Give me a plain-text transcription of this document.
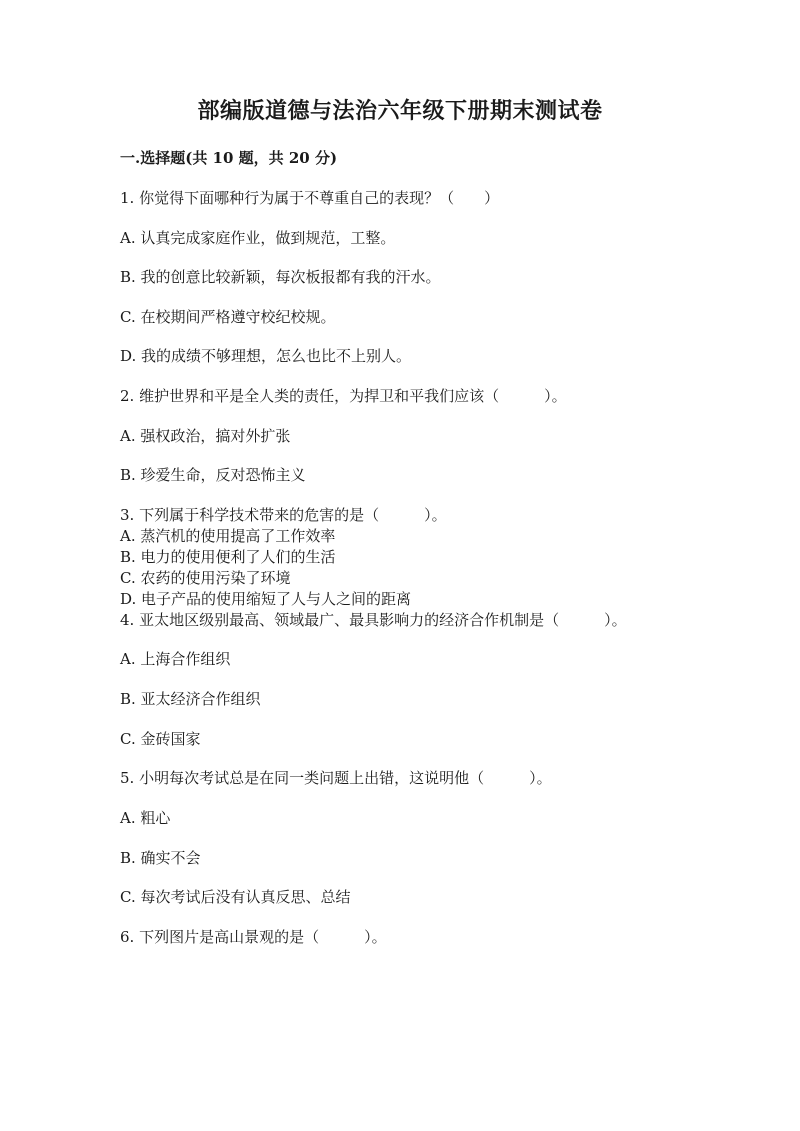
部编版道德与法治六年级下册期末测试卷
一.选择题(共 10 题，共 20 分)
1. 你觉得下面哪种行为属于不尊重自己的表现？（　　）
A. 认真完成家庭作业，做到规范，工整。
B. 我的创意比较新颖，每次板报都有我的汗水。
C. 在校期间严格遵守校纪校规。
D. 我的成绩不够理想，怎么也比不上别人。
2. 维护世界和平是全人类的责任，为捍卫和平我们应该（　　　）。
A. 强权政治，搞对外扩张
B. 珍爱生命，反对恐怖主义
3. 下列属于科学技术带来的危害的是（　　　）。
A. 蒸汽机的使用提高了工作效率
B. 电力的使用便利了人们的生活
C. 农药的使用污染了环境
D. 电子产品的使用缩短了人与人之间的距离
4. 亚太地区级别最高、领域最广、最具影响力的经济合作机制是（　　　）。
A. 上海合作组织
B. 亚太经济合作组织
C. 金砖国家
5. 小明每次考试总是在同一类问题上出错，这说明他（　　　）。
A. 粗心
B. 确实不会
C. 每次考试后没有认真反思、总结
6. 下列图片是高山景观的是（　　　）。
